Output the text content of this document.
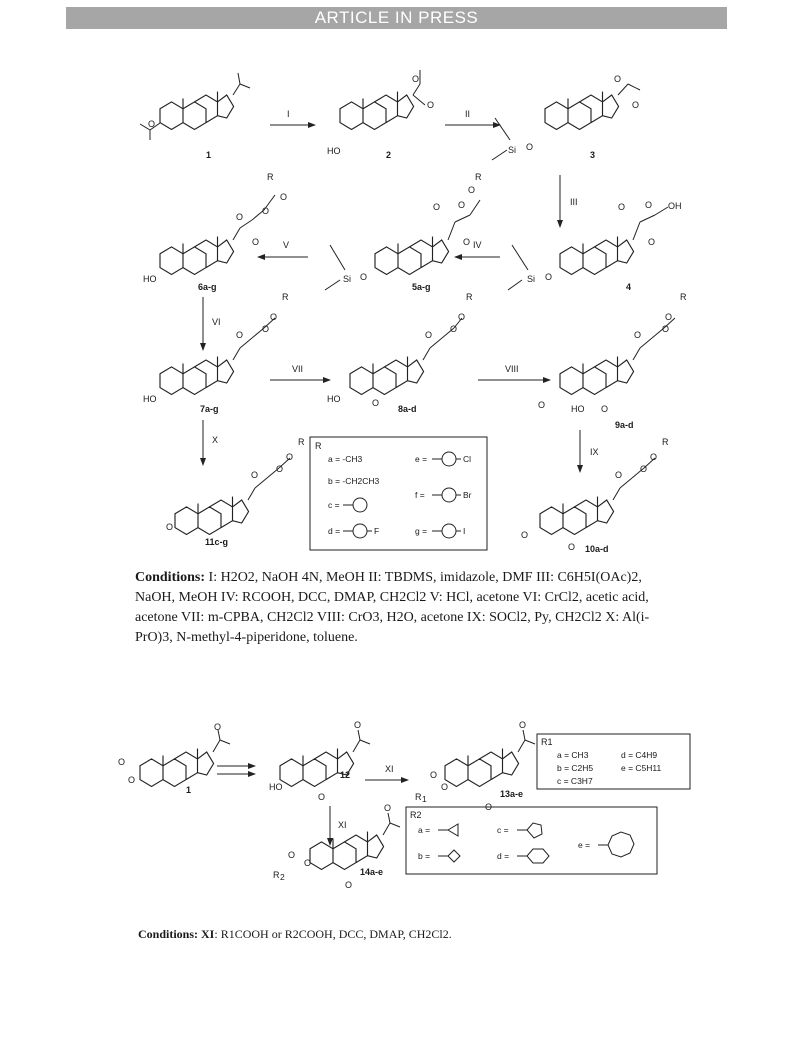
ARTICLE IN PRESS
O
1
I
O
O
HO	2
II
O
O
Si O
3
III
O
O
O
R
O
HO
6a-g
V
O O
O
R
O
Si O
5a-g
IV
O O OH
O
Si O
4
VI
O
O
O
R
HO
7a-g
VII
O
O
O
R
HO	O
8a-d
VIII
O
O
O
R
O	HO O
9a-d
IX
X
O
O
O
R
O
11c-g
R
a = -CH3
b = -CH2CH3
c =
d =	F
e =	Cl
f =	Br
g =	I
O
O
O
R
O
O 10a-d
O
O
O
1
O
HO
O
12
XI
O
R 1
O
O
O
13a-e
R1
a = CH3	d = C4H9
b = C2H5	e = C5H11
c = C3H7
XI
O
R 2
O
O
O
14a-e
R2
a =
b =
c =
d =
e =
Conditions: I: H2O2, NaOH 4N, MeOH II: TBDMS, imidazole, DMF III: C6H5I(OAc)2, NaOH, MeOH IV: RCOOH, DCC, DMAP, CH2Cl2 V: HCl, acetone VI: CrCl2, acetic acid, acetone VII: m-CPBA, CH2Cl2 VIII: CrO3, H2O, acetone IX: SOCl2, Py, CH2Cl2 X: Al(i-PrO)3, N-methyl-4-piperidone, toluene.
Conditions: XI: R1COOH or R2COOH, DCC, DMAP, CH2Cl2.
